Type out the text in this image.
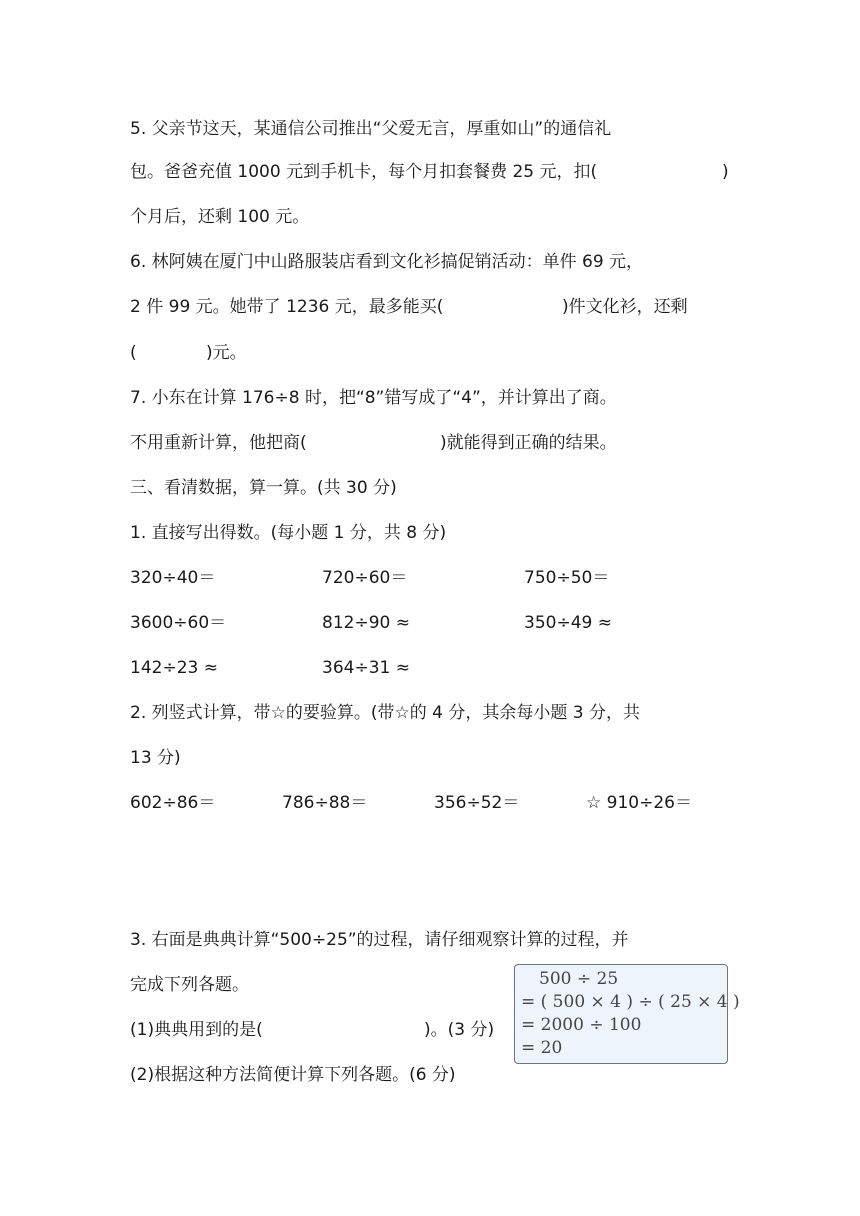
5. 父亲节这天，某通信公司推出“父爱无言，厚重如山”的通信礼
包。爸爸充值 1000 元到手机卡，每个月扣套餐费 25 元，扣(	)
个月后，还剩 100 元。
6. 林阿姨在厦门中山路服装店看到文化衫搞促销活动：单件 69 元，
2 件 99 元。她带了 1236 元，最多能买(	)件文化衫，还剩
(	)元。
7. 小东在计算 176÷8 时，把“8”错写成了“4”，并计算出了商。
不用重新计算，他把商(	)就能得到正确的结果。
三、看清数据，算一算。(共 30 分)
1. 直接写出得数。(每小题 1 分，共 8 分)
320÷40＝	720÷60＝	750÷50＝
3600÷60＝	812÷90 ≈	350÷49 ≈
142÷23 ≈	364÷31 ≈
2. 列竖式计算，带☆的要验算。(带☆的 4 分，其余每小题 3 分，共
13 分)
602÷86＝	786÷88＝	356÷52＝	☆ 910÷26＝
3. 右面是典典计算“500÷25”的过程，请仔细观察计算的过程，并
完成下列各题。
(1)典典用到的是(	)。(3 分)
(2)根据这种方法简便计算下列各题。(6 分)
500 ÷ 25
= ( 500 × 4 ) ÷ ( 25 × 4 )
= 2000 ÷ 100
= 20
